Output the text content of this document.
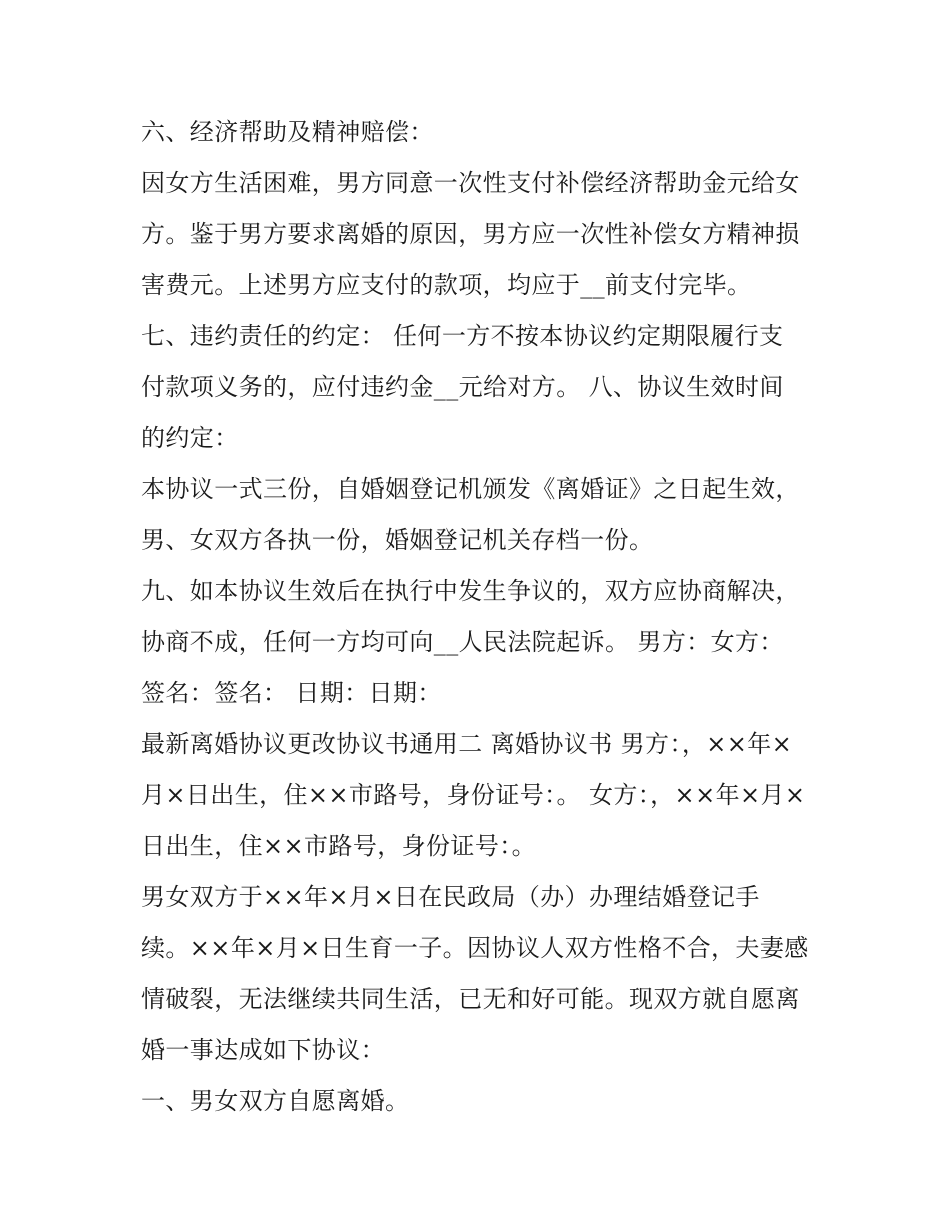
六、经济帮助及精神赔偿：
因女方生活困难，男方同意一次性支付补偿经济帮助金元给女
方。鉴于男方要求离婚的原因，男方应一次性补偿女方精神损
害费元。上述男方应支付的款项，均应于__前支付完毕。
七、违约责任的约定： 任何一方不按本协议约定期限履行支
付款项义务的，应付违约金__元给对方。 八、协议生效时间
的约定：
本协议一式三份，自婚姻登记机颁发《离婚证》之日起生效，
男、女双方各执一份，婚姻登记机关存档一份。
九、如本协议生效后在执行中发生争议的，双方应协商解决，
协商不成，任何一方均可向__人民法院起诉。 男方：女方：
签名：签名： 日期：日期：
最新离婚协议更改协议书通用二 离婚协议书 男方：，××年×
月×日出生，住××市路号，身份证号：。 女方：，××年×月×
日出生，住××市路号，身份证号：。
男女双方于××年×月×日在民政局（办）办理结婚登记手
续。××年×月×日生育一子。因协议人双方性格不合，夫妻感
情破裂，无法继续共同生活，已无和好可能。现双方就自愿离
婚一事达成如下协议：
一、男女双方自愿离婚。
